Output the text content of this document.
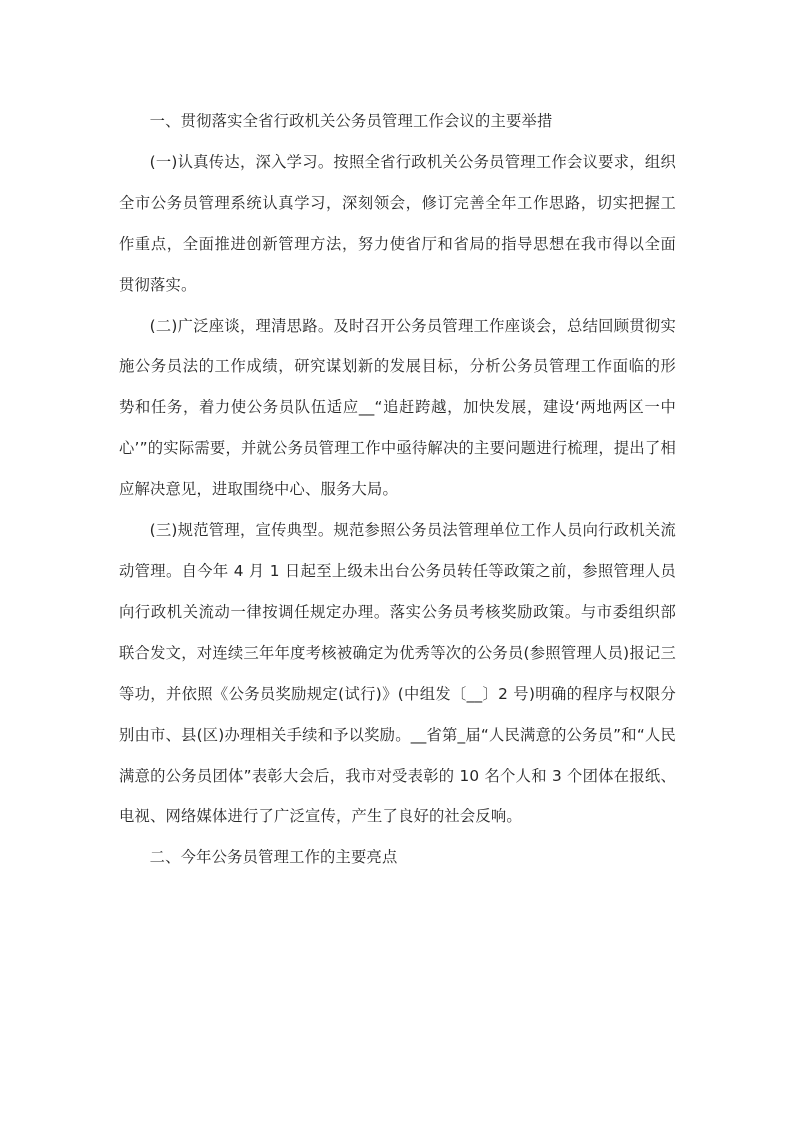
一、贯彻落实全省行政机关公务员管理工作会议的主要举措

(一)认真传达，深入学习。按照全省行政机关公务员管理工作会议要求，组织全市公务员管理系统认真学习，深刻领会，修订完善全年工作思路，切实把握工作重点，全面推进创新管理方法，努力使省厅和省局的指导思想在我市得以全面贯彻落实。

(二)广泛座谈，理清思路。及时召开公务员管理工作座谈会，总结回顾贯彻实施公务员法的工作成绩，研究谋划新的发展目标，分析公务员管理工作面临的形势和任务，着力使公务员队伍适应__“追赶跨越，加快发展，建设‘两地两区一中心’”的实际需要，并就公务员管理工作中亟待解决的主要问题进行梳理，提出了相应解决意见，进取围绕中心、服务大局。

(三)规范管理，宣传典型。规范参照公务员法管理单位工作人员向行政机关流动管理。自今年 4 月 1 日起至上级未出台公务员转任等政策之前，参照管理人员向行政机关流动一律按调任规定办理。落实公务员考核奖励政策。与市委组织部联合发文，对连续三年年度考核被确定为优秀等次的公务员(参照管理人员)报记三等功，并依照《公务员奖励规定(试行)》(中组发〔__〕2 号)明确的程序与权限分别由市、县(区)办理相关手续和予以奖励。__省第_届“人民满意的公务员”和“人民满意的公务员团体”表彰大会后，我市对受表彰的 10 名个人和 3 个团体在报纸、电视、网络媒体进行了广泛宣传，产生了良好的社会反响。

二、今年公务员管理工作的主要亮点
